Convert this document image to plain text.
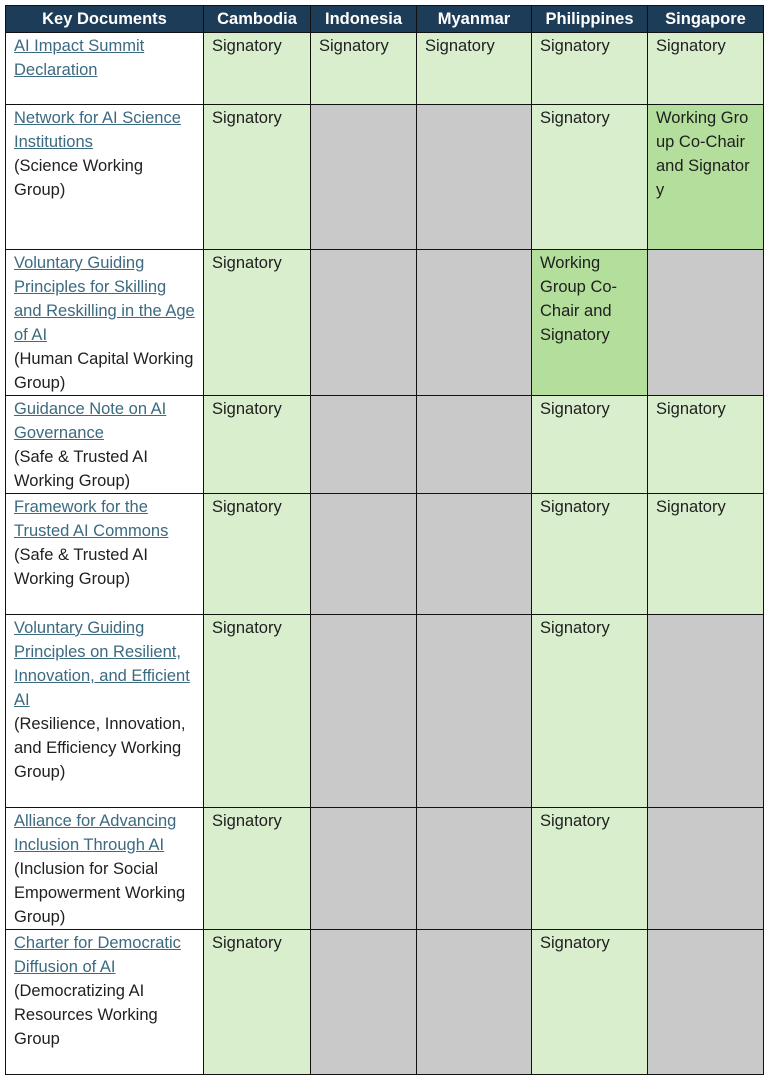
Key Documents	Cambodia	Indonesia	Myanmar	Philippines	Singapore
AI Impact Summit Declaration	Signatory	Signatory	Signatory	Signatory	Signatory
Network for AI Science Institutions
(Science Working Group)	Signatory			Signatory	Working Group Co-Chair and Signatory
Voluntary Guiding Principles for Skilling and Reskilling in the Age of AI
(Human Capital Working Group)	Signatory			Working Group Co-Chair and Signatory	
Guidance Note on AI Governance
(Safe & Trusted AI Working Group)	Signatory			Signatory	Signatory
Framework for the Trusted AI Commons (Safe & Trusted AI Working Group)	Signatory			Signatory	Signatory
Voluntary Guiding Principles on Resilient, Innovation, and Efficient AI
(Resilience, Innovation, and Efficiency Working Group)	Signatory			Signatory	
Alliance for Advancing Inclusion Through AI (Inclusion for Social Empowerment Working Group)	Signatory			Signatory	
Charter for Democratic Diffusion of AI
(Democratizing AI Resources Working Group	Signatory			Signatory	
